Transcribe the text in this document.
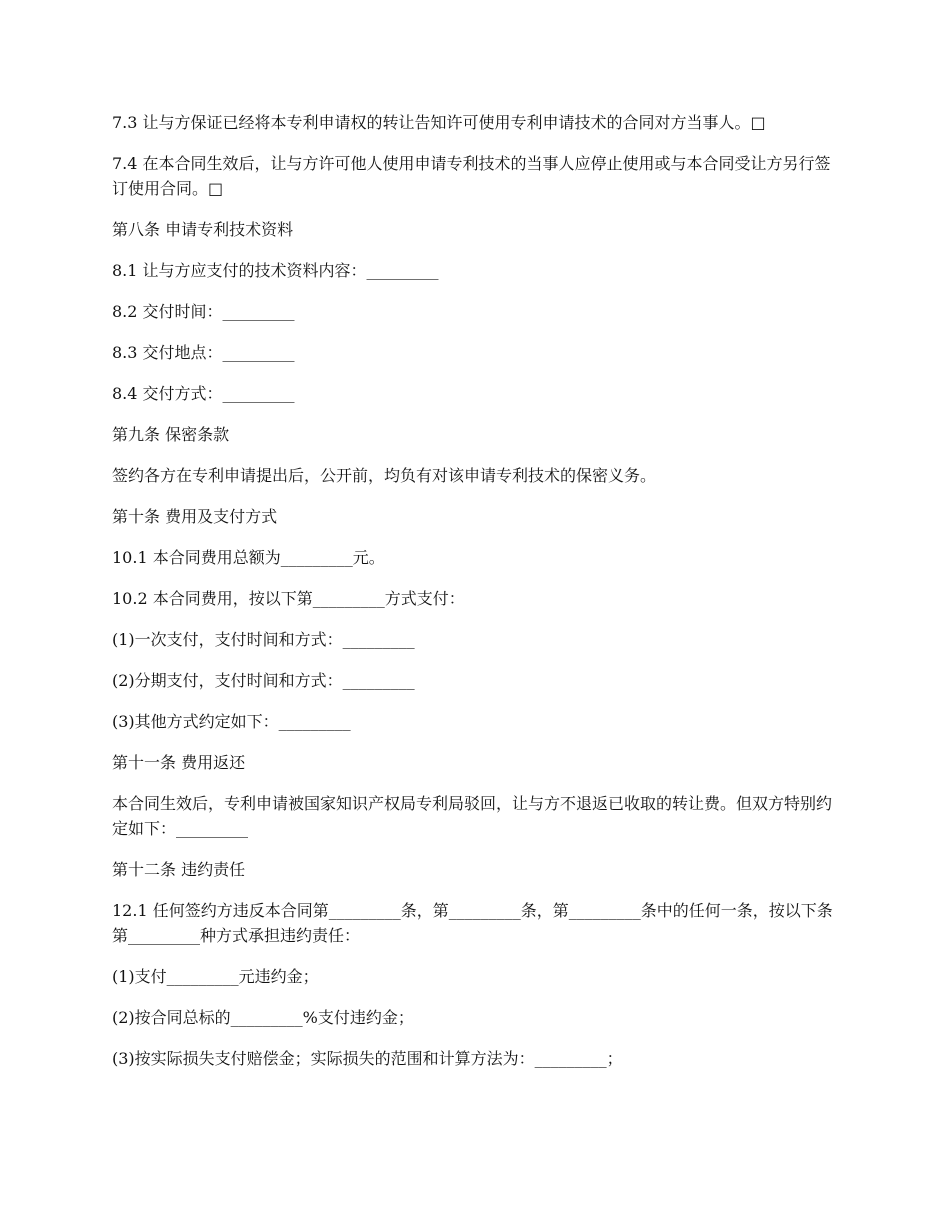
7.3 让与方保证已经将本专利申请权的转让告知许可使用专利申请技术的合同对方当事人。□

7.4 在本合同生效后，让与方许可他人使用申请专利技术的当事人应停止使用或与本合同受让方另行签订使用合同。□

第八条 申请专利技术资料

8.1 让与方应支付的技术资料内容：_________

8.2 交付时间：_________

8.3 交付地点：_________

8.4 交付方式：_________

第九条 保密条款

签约各方在专利申请提出后，公开前，均负有对该申请专利技术的保密义务。

第十条 费用及支付方式

10.1 本合同费用总额为_________元。

10.2 本合同费用，按以下第_________方式支付：

(1)一次支付，支付时间和方式：_________

(2)分期支付，支付时间和方式：_________

(3)其他方式约定如下：_________

第十一条 费用返还

本合同生效后，专利申请被国家知识产权局专利局驳回，让与方不退返已收取的转让费。但双方特别约定如下：_________

第十二条 违约责任

12.1 任何签约方违反本合同第_________条，第_________条，第_________条中的任何一条，按以下条第_________种方式承担违约责任：

(1)支付_________元违约金；

(2)按合同总标的_________%支付违约金；

(3)按实际损失支付赔偿金；实际损失的范围和计算方法为：_________；
